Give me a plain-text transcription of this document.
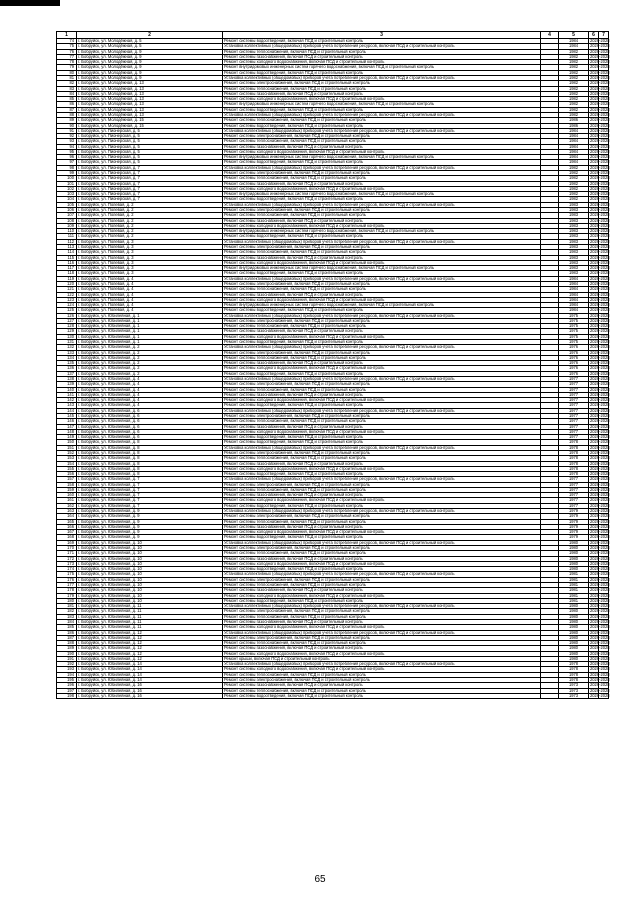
1	2	3	4	5	6	7
74	г. Бобруйск, ул. Молодёжная, д. 5	Ремонт системы водоотведения, включая ПСД и строительный контроль		1984	2026-2028	
75	г. Бобруйск, ул. Молодёжная, д. 5	Установка коллективных (общедомовых) приборов учета потребления ресурсов, включая ПСД и строительный контроль		1984	2026-2028	
76	г. Бобруйск, ул. Молодёжная, д. 9	Ремонт системы теплоснабжения, включая ПСД и строительный контроль		1982	2026-2028	
77	г. Бобруйск, ул. Молодёжная, д. 9	Ремонт системы газоснабжения, включая ПСД и строительный контроль		1982	2026-2028	
78	г. Бобруйск, ул. Молодёжная, д. 9	Ремонт системы холодного водоснабжения, включая ПСД и строительный контроль		1982	2026-2028	
79	г. Бобруйск, ул. Молодёжная, д. 9	Ремонт внутридомовых инженерных систем горячего водоснабжения, включая ПСД и строительный контроль		1982	2026-2028	
80	г. Бобруйск, ул. Молодёжная, д. 9	Ремонт системы водоотведения, включая ПСД и строительный контроль		1982	2026-2028	
81	г. Бобруйск, ул. Молодёжная, д. 9	Установка коллективных (общедомовых) приборов учета потребления ресурсов, включая ПСД и строительный контроль		1982	2026-2028	
82	г. Бобруйск, ул. Молодёжная, д. 13	Ремонт системы электроснабжения, включая ПСД и строительный контроль		1982	2026-2028	
83	г. Бобруйск, ул. Молодёжная, д. 13	Ремонт системы теплоснабжения, включая ПСД и строительный контроль		1982	2026-2028	
84	г. Бобруйск, ул. Молодёжная, д. 13	Ремонт системы газоснабжения, включая ПСД и строительный контроль		1982	2026-2028	
85	г. Бобруйск, ул. Молодёжная, д. 13	Ремонт системы холодного водоснабжения, включая ПСД и строительный контроль		1982	2026-2028	
86	г. Бобруйск, ул. Молодёжная, д. 13	Ремонт внутридомовых инженерных систем горячего водоснабжения, включая ПСД и строительный контроль		1982	2026-2028	
87	г. Бобруйск, ул. Молодёжная, д. 13	Ремонт системы водоотведения, включая ПСД и строительный контроль		1982	2026-2028	
88	г. Бобруйск, ул. Молодёжная, д. 13	Установка коллективных (общедомовых) приборов учета потребления ресурсов, включая ПСД и строительный контроль		1982	2026-2028	
89	г. Бобруйск, ул. Молодёжная, д. 15	Ремонт системы теплоснабжения, включая ПСД и строительный контроль		1986	2026-2028	
90	г. Бобруйск, ул. Молодёжная, д. 15	Ремонт системы водоотведения, включая ПСД и строительный контроль		1986	2026-2028	
91	г. Бобруйск, ул. Пионерская, д. 5	Установка коллективных (общедомовых) приборов учета потребления ресурсов, включая ПСД и строительный контроль		1984	2026-2028	
92	г. Бобруйск, ул. Пионерская, д. 5	Ремонт системы электроснабжения, включая ПСД и строительный контроль		1984	2026-2028	
93	г. Бобруйск, ул. Пионерская, д. 5	Ремонт системы теплоснабжения, включая ПСД и строительный контроль		1984	2026-2028	
94	г. Бобруйск, ул. Пионерская, д. 5	Ремонт системы газоснабжения, включая ПСД и строительный контроль		1984	2026-2028	
95	г. Бобруйск, ул. Пионерская, д. 5	Ремонт системы холодного водоснабжения, включая ПСД и строительный контроль		1984	2026-2028	
96	г. Бобруйск, ул. Пионерская, д. 5	Ремонт внутридомовых инженерных систем горячего водоснабжения, включая ПСД и строительный контроль		1984	2026-2028	
97	г. Бобруйск, ул. Пионерская, д. 5	Ремонт системы водоотведения, включая ПСД и строительный контроль		1984	2026-2028	
98	г. Бобруйск, ул. Пионерская, д. 7	Установка коллективных (общедомовых) приборов учета потребления ресурсов, включая ПСД и строительный контроль		1982	2026-2028	
99	г. Бобруйск, ул. Пионерская, д. 7	Ремонт системы электроснабжения, включая ПСД и строительный контроль		1982	2026-2028	
100	г. Бобруйск, ул. Пионерская, д. 7	Ремонт системы теплоснабжения, включая ПСД и строительный контроль		1982	2026-2028	
101	г. Бобруйск, ул. Пионерская, д. 7	Ремонт системы газоснабжения, включая ПСД и строительный контроль		1982	2026-2028	
102	г. Бобруйск, ул. Пионерская, д. 7	Ремонт системы холодного водоснабжения, включая ПСД и строительный контроль		1982	2026-2028	
103	г. Бобруйск, ул. Пионерская, д. 7	Ремонт внутридомовых инженерных систем горячего водоснабжения, включая ПСД и строительный контроль		1982	2026-2028	
104	г. Бобруйск, ул. Пионерская, д. 7	Ремонт системы водоотведения, включая ПСД и строительный контроль		1982	2026-2028	
105	г. Бобруйск, ул. Полевая, д. 2	Установка коллективных (общедомовых) приборов учета потребления ресурсов, включая ПСД и строительный контроль		1983	2026-2028	
106	г. Бобруйск, ул. Полевая, д. 2	Ремонт системы электроснабжения, включая ПСД и строительный контроль		1983	2026-2028	
107	г. Бобруйск, ул. Полевая, д. 2	Ремонт системы теплоснабжения, включая ПСД и строительный контроль		1983	2026-2028	
108	г. Бобруйск, ул. Полевая, д. 2	Ремонт системы газоснабжения, включая ПСД и строительный контроль		1983	2026-2028	
109	г. Бобруйск, ул. Полевая, д. 2	Ремонт системы холодного водоснабжения, включая ПСД и строительный контроль		1983	2026-2028	
110	г. Бобруйск, ул. Полевая, д. 2	Ремонт внутридомовых инженерных систем горячего водоснабжения, включая ПСД и строительный контроль		1983	2026-2028	
111	г. Бобруйск, ул. Полевая, д. 2	Ремонт системы водоотведения, включая ПСД и строительный контроль		1983	2026-2028	
112	г. Бобруйск, ул. Полевая, д. 3	Установка коллективных (общедомовых) приборов учета потребления ресурсов, включая ПСД и строительный контроль		1983	2026-2028	
113	г. Бобруйск, ул. Полевая, д. 3	Ремонт системы электроснабжения, включая ПСД и строительный контроль		1983	2026-2028	
114	г. Бобруйск, ул. Полевая, д. 3	Ремонт системы теплоснабжения, включая ПСД и строительный контроль		1983	2026-2028	
115	г. Бобруйск, ул. Полевая, д. 3	Ремонт системы газоснабжения, включая ПСД и строительный контроль		1983	2026-2028	
116	г. Бобруйск, ул. Полевая, д. 3	Ремонт системы холодного водоснабжения, включая ПСД и строительный контроль		1983	2026-2028	
117	г. Бобруйск, ул. Полевая, д. 3	Ремонт внутридомовых инженерных систем горячего водоснабжения, включая ПСД и строительный контроль		1983	2026-2028	
118	г. Бобруйск, ул. Полевая, д. 3	Ремонт системы водоотведения, включая ПСД и строительный контроль		1983	2026-2028	
119	г. Бобруйск, ул. Полевая, д. 4	Установка коллективных (общедомовых) приборов учета потребления ресурсов, включая ПСД и строительный контроль		1984	2026-2028	
120	г. Бобруйск, ул. Полевая, д. 4	Ремонт системы электроснабжения, включая ПСД и строительный контроль		1984	2026-2028	
121	г. Бобруйск, ул. Полевая, д. 4	Ремонт системы теплоснабжения, включая ПСД и строительный контроль		1984	2026-2028	
122	г. Бобруйск, ул. Полевая, д. 4	Ремонт системы газоснабжения, включая ПСД и строительный контроль		1984	2026-2028	
123	г. Бобруйск, ул. Полевая, д. 4	Ремонт системы холодного водоснабжения, включая ПСД и строительный контроль		1984	2026-2028	
124	г. Бобруйск, ул. Полевая, д. 4	Ремонт внутридомовых инженерных систем горячего водоснабжения, включая ПСД и строительный контроль		1984	2026-2028	
125	г. Бобруйск, ул. Полевая, д. 4	Ремонт системы водоотведения, включая ПСД и строительный контроль		1984	2026-2028	
126	г. Бобруйск, ул. Юбилейная, д. 1	Установка коллективных (общедомовых) приборов учета потребления ресурсов, включая ПСД и строительный контроль		1975	2026-2028	
127	г. Бобруйск, ул. Юбилейная, д. 1	Ремонт системы электроснабжения, включая ПСД и строительный контроль		1975	2026-2028	
128	г. Бобруйск, ул. Юбилейная, д. 1	Ремонт системы теплоснабжения, включая ПСД и строительный контроль		1975	2026-2028	
129	г. Бобруйск, ул. Юбилейная, д. 1	Ремонт системы газоснабжения, включая ПСД и строительный контроль		1975	2026-2028	
130	г. Бобруйск, ул. Юбилейная, д. 1	Ремонт системы холодного водоснабжения, включая ПСД и строительный контроль		1975	2026-2028	
131	г. Бобруйск, ул. Юбилейная, д. 1	Ремонт системы водоотведения, включая ПСД и строительный контроль		1975	2026-2028	
132	г. Бобруйск, ул. Юбилейная, д. 2	Установка коллективных (общедомовых) приборов учета потребления ресурсов, включая ПСД и строительный контроль		1976	2026-2028	
133	г. Бобруйск, ул. Юбилейная, д. 2	Ремонт системы электроснабжения, включая ПСД и строительный контроль		1976	2026-2028	
134	г. Бобруйск, ул. Юбилейная, д. 2	Ремонт системы теплоснабжения, включая ПСД и строительный контроль		1976	2026-2028	
135	г. Бобруйск, ул. Юбилейная, д. 2	Ремонт системы газоснабжения, включая ПСД и строительный контроль		1976	2026-2028	
136	г. Бобруйск, ул. Юбилейная, д. 2	Ремонт системы холодного водоснабжения, включая ПСД и строительный контроль		1976	2026-2028	
137	г. Бобруйск, ул. Юбилейная, д. 2	Ремонт системы водоотведения, включая ПСД и строительный контроль		1976	2026-2028	
138	г. Бобруйск, ул. Юбилейная, д. 4	Установка коллективных (общедомовых) приборов учета потребления ресурсов, включая ПСД и строительный контроль		1977	2026-2028	
139	г. Бобруйск, ул. Юбилейная, д. 4	Ремонт системы электроснабжения, включая ПСД и строительный контроль		1977	2026-2028	
140	г. Бобруйск, ул. Юбилейная, д. 4	Ремонт системы теплоснабжения, включая ПСД и строительный контроль		1977	2026-2028	
141	г. Бобруйск, ул. Юбилейная, д. 4	Ремонт системы газоснабжения, включая ПСД и строительный контроль		1977	2026-2028	
142	г. Бобруйск, ул. Юбилейная, д. 4	Ремонт системы холодного водоснабжения, включая ПСД и строительный контроль		1977	2026-2028	
143	г. Бобруйск, ул. Юбилейная, д. 4	Ремонт системы водоотведения, включая ПСД и строительный контроль		1977	2026-2028	
144	г. Бобруйск, ул. Юбилейная, д. 6	Установка коллективных (общедомовых) приборов учета потребления ресурсов, включая ПСД и строительный контроль		1977	2026-2028	
145	г. Бобруйск, ул. Юбилейная, д. 6	Ремонт системы электроснабжения, включая ПСД и строительный контроль		1977	2026-2028	
146	г. Бобруйск, ул. Юбилейная, д. 6	Ремонт системы теплоснабжения, включая ПСД и строительный контроль		1977	2026-2028	
147	г. Бобруйск, ул. Юбилейная, д. 6	Ремонт системы газоснабжения, включая ПСД и строительный контроль		1977	2026-2028	
148	г. Бобруйск, ул. Юбилейная, д. 6	Ремонт системы холодного водоснабжения, включая ПСД и строительный контроль		1977	2026-2028	
149	г. Бобруйск, ул. Юбилейная, д. 6	Ремонт системы водоотведения, включая ПСД и строительный контроль		1977	2026-2028	
150	г. Бобруйск, ул. Юбилейная, д. 8	Ремонт системы водоотведения, включая ПСД и строительный контроль		1978	2026-2028	
151	г. Бобруйск, ул. Юбилейная, д. 8	Установка коллективных (общедомовых) приборов учета потребления ресурсов, включая ПСД и строительный контроль		1978	2026-2028	
152	г. Бобруйск, ул. Юбилейная, д. 8	Ремонт системы электроснабжения, включая ПСД и строительный контроль		1978	2026-2028	
153	г. Бобруйск, ул. Юбилейная, д. 8	Ремонт системы теплоснабжения, включая ПСД и строительный контроль		1978	2026-2028	
154	г. Бобруйск, ул. Юбилейная, д. 8	Ремонт системы газоснабжения, включая ПСД и строительный контроль		1978	2026-2028	
155	г. Бобруйск, ул. Юбилейная, д. 8	Ремонт системы холодного водоснабжения, включая ПСД и строительный контроль		1978	2026-2028	
156	г. Бобруйск, ул. Юбилейная, д. 8	Ремонт системы водоотведения, включая ПСД и строительный контроль		1978	2026-2028	
157	г. Бобруйск, ул. Юбилейная, д. 7	Установка коллективных (общедомовых) приборов учета потребления ресурсов, включая ПСД и строительный контроль		1977	2026-2028	
158	г. Бобруйск, ул. Юбилейная, д. 7	Ремонт системы электроснабжения, включая ПСД и строительный контроль		1977	2026-2028	
159	г. Бобруйск, ул. Юбилейная, д. 7	Ремонт системы теплоснабжения, включая ПСД и строительный контроль		1977	2026-2028	
160	г. Бобруйск, ул. Юбилейная, д. 7	Ремонт системы газоснабжения, включая ПСД и строительный контроль		1977	2026-2028	
161	г. Бобруйск, ул. Юбилейная, д. 7	Ремонт системы холодного водоснабжения, включая ПСД и строительный контроль		1977	2026-2028	
162	г. Бобруйск, ул. Юбилейная, д. 7	Ремонт системы водоотведения, включая ПСД и строительный контроль		1977	2026-2028	
163	г. Бобруйск, ул. Юбилейная, д. 9	Установка коллективных (общедомовых) приборов учета потребления ресурсов, включая ПСД и строительный контроль		1979	2026-2028	
164	г. Бобруйск, ул. Юбилейная, д. 9	Ремонт системы электроснабжения, включая ПСД и строительный контроль		1979	2026-2028	
165	г. Бобруйск, ул. Юбилейная, д. 9	Ремонт системы теплоснабжения, включая ПСД и строительный контроль		1979	2026-2028	
166	г. Бобруйск, ул. Юбилейная, д. 9	Ремонт системы газоснабжения, включая ПСД и строительный контроль		1979	2026-2028	
167	г. Бобруйск, ул. Юбилейная, д. 9	Ремонт системы холодного водоснабжения, включая ПСД и строительный контроль		1979	2026-2028	
168	г. Бобруйск, ул. Юбилейная, д. 9	Ремонт системы водоотведения, включая ПСД и строительный контроль		1979	2026-2028	
169	г. Бобруйск, ул. Юбилейная, д. 10	Установка коллективных (общедомовых) приборов учета потребления ресурсов, включая ПСД и строительный контроль		1980	2026-2028	
170	г. Бобруйск, ул. Юбилейная, д. 10	Ремонт системы электроснабжения, включая ПСД и строительный контроль		1980	2026-2028	
171	г. Бобруйск, ул. Юбилейная, д. 10	Ремонт системы теплоснабжения, включая ПСД и строительный контроль		1980	2026-2028	
172	г. Бобруйск, ул. Юбилейная, д. 10	Ремонт системы газоснабжения, включая ПСД и строительный контроль		1980	2026-2028	
173	г. Бобруйск, ул. Юбилейная, д. 10	Ремонт системы холодного водоснабжения, включая ПСД и строительный контроль		1980	2026-2028	
174	г. Бобруйск, ул. Юбилейная, д. 10	Ремонт системы водоотведения, включая ПСД и строительный контроль		1980	2026-2028	
175	г. Бобруйск, ул. Юбилейная, д. 10	Установка коллективных (общедомовых) приборов учета потребления ресурсов, включая ПСД и строительный контроль		1981	2026-2028	
176	г. Бобруйск, ул. Юбилейная, д. 10	Ремонт системы электроснабжения, включая ПСД и строительный контроль		1981	2026-2028	
177	г. Бобруйск, ул. Юбилейная, д. 10	Ремонт системы теплоснабжения, включая ПСД и строительный контроль		1981	2026-2028	
178	г. Бобруйск, ул. Юбилейная, д. 10	Ремонт системы газоснабжения, включая ПСД и строительный контроль		1981	2026-2028	
179	г. Бобруйск, ул. Юбилейная, д. 10	Ремонт системы холодного водоснабжения, включая ПСД и строительный контроль		1981	2026-2028	
180	г. Бобруйск, ул. Юбилейная, д. 10	Ремонт системы водоотведения, включая ПСД и строительный контроль		1981	2026-2028	
181	г. Бобруйск, ул. Юбилейная, д. 11	Установка коллективных (общедомовых) приборов учета потребления ресурсов, включая ПСД и строительный контроль		1980	2026-2028	
182	г. Бобруйск, ул. Юбилейная, д. 11	Ремонт системы электроснабжения, включая ПСД и строительный контроль		1980	2026-2028	
183	г. Бобруйск, ул. Юбилейная, д. 11	Ремонт системы теплоснабжения, включая ПСД и строительный контроль		1980	2026-2028	
184	г. Бобруйск, ул. Юбилейная, д. 11	Ремонт системы газоснабжения, включая ПСД и строительный контроль		1980	2026-2028	
185	г. Бобруйск, ул. Юбилейная, д. 11	Ремонт системы холодного водоснабжения, включая ПСД и строительный контроль		1980	2026-2028	
186	г. Бобруйск, ул. Юбилейная, д. 12	Установка коллективных (общедомовых) приборов учета потребления ресурсов, включая ПСД и строительный контроль		1980	2026-2028	
187	г. Бобруйск, ул. Юбилейная, д. 12	Ремонт системы электроснабжения, включая ПСД и строительный контроль		1980	2026-2028	
188	г. Бобруйск, ул. Юбилейная, д. 12	Ремонт системы теплоснабжения, включая ПСД и строительный контроль		1980	2026-2028	
189	г. Бобруйск, ул. Юбилейная, д. 12	Ремонт системы газоснабжения, включая ПСД и строительный контроль		1980	2026-2028	
190	г. Бобруйск, ул. Юбилейная, д. 12	Ремонт системы холодного водоснабжения, включая ПСД и строительный контроль		1980	2026-2028	
191	г. Бобруйск, ул. Юбилейная, д. 12	Ремонт крыши, включая ПСД и строительный контроль		1980	2026-2028	
192	г. Бобруйск, ул. Юбилейная, д. 14	Установка коллективных (общедомовых) приборов учета потребления ресурсов, включая ПСД и строительный контроль		1978	2026-2028	
193	г. Бобруйск, ул. Юбилейная, д. 14	Ремонт системы холодного водоснабжения, включая ПСД и строительный контроль		1978	2026-2028	
194	г. Бобруйск, ул. Юбилейная, д. 14	Ремонт системы теплоснабжения, включая ПСД и строительный контроль		1978	2026-2028	
195	г. Бобруйск, ул. Юбилейная, д. 14	Ремонт системы электроснабжения, включая ПСД и строительный контроль		1978	2026-2028	
196	г. Бобруйск, ул. Юбилейная, д. 16	Ремонт системы газоснабжения, включая ПСД и строительный контроль		1973	2026-2028	
197	г. Бобруйск, ул. Юбилейная, д. 16	Ремонт системы теплоснабжения, включая ПСД и строительный контроль		1973	2026-2028	
198	г. Бобруйск, ул. Юбилейная, д. 16	Ремонт системы водоотведения, включая ПСД и строительный контроль		1973	2026-2028	
65
